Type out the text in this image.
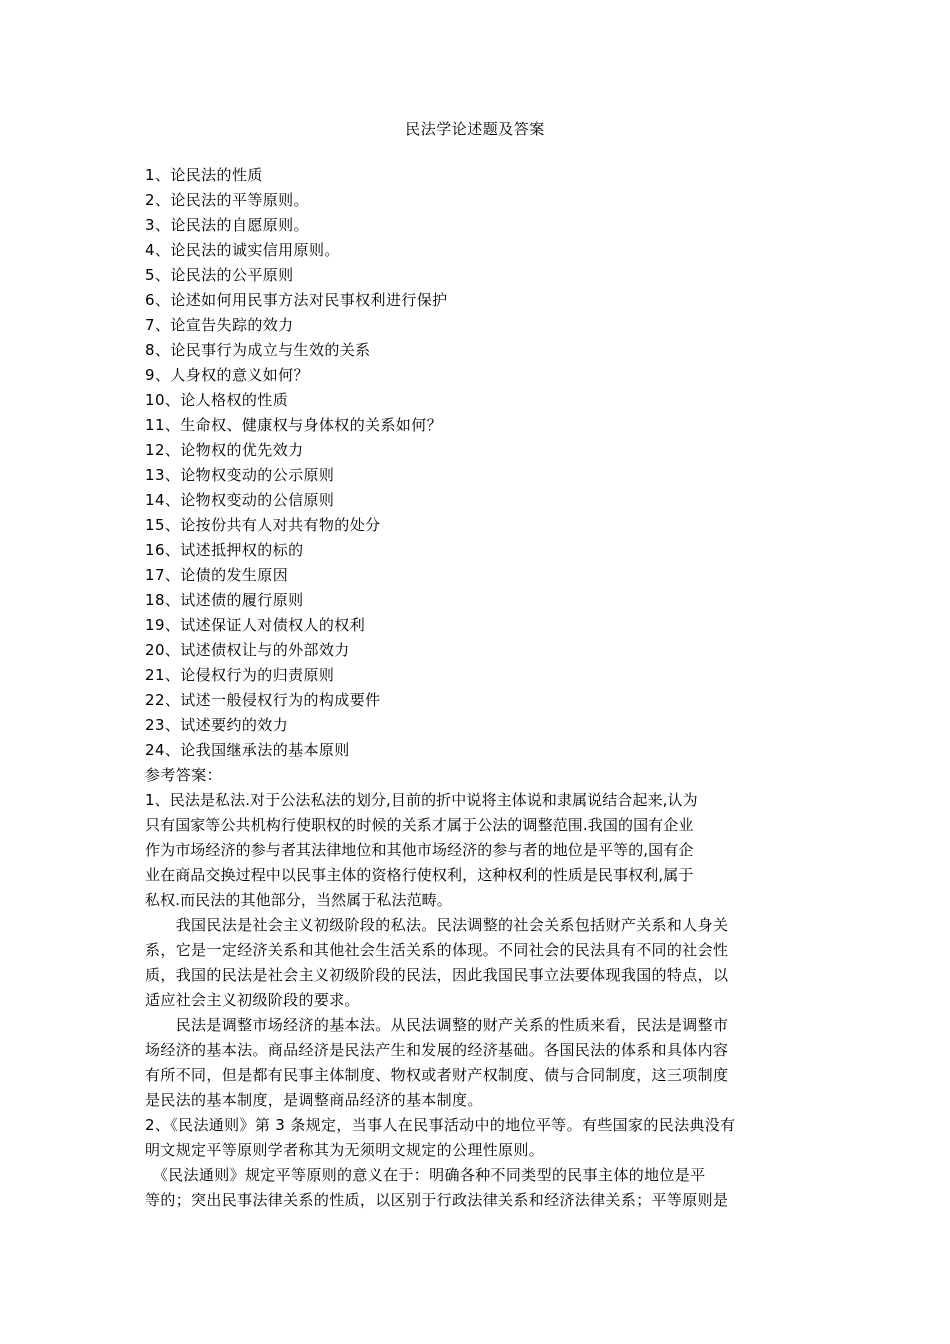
民法学论述题及答案
1、论民法的性质
2、论民法的平等原则。
3、论民法的自愿原则。
4、论民法的诚实信用原则。
5、论民法的公平原则
6、论述如何用民事方法对民事权利进行保护
7、论宣告失踪的效力
8、论民事行为成立与生效的关系
9、人身权的意义如何？
10、论人格权的性质
11、生命权、健康权与身体权的关系如何？
12、论物权的优先效力
13、论物权变动的公示原则
14、论物权变动的公信原则
15、论按份共有人对共有物的处分
16、试述抵押权的标的
17、论债的发生原因
18、试述债的履行原则
19、试述保证人对债权人的权利
20、试述债权让与的外部效力
21、论侵权行为的归责原则
22、试述一般侵权行为的构成要件
23、试述要约的效力
24、论我国继承法的基本原则
参考答案：

1、民法是私法.对于公法私法的划分,目前的折中说将主体说和隶属说结合起来,认为
只有国家等公共机构行使职权的时候的关系才属于公法的调整范围.我国的国有企业
作为市场经济的参与者其法律地位和其他市场经济的参与者的地位是平等的,国有企
业在商品交换过程中以民事主体的资格行使权利，这种权利的性质是民事权利,属于
私权.而民法的其他部分，当然属于私法范畴。

　　我国民法是社会主义初级阶段的私法。民法调整的社会关系包括财产关系和人身关
系，它是一定经济关系和其他社会生活关系的体现。不同社会的民法具有不同的社会性
质，我国的民法是社会主义初级阶段的民法，因此我国民事立法要体现我国的特点，以
适应社会主义初级阶段的要求。

　　民法是调整市场经济的基本法。从民法调整的财产关系的性质来看，民法是调整市
场经济的基本法。商品经济是民法产生和发展的经济基础。各国民法的体系和具体内容
有所不同，但是都有民事主体制度、物权或者财产权制度、债与合同制度，这三项制度
是民法的基本制度，是调整商品经济的基本制度。

2、《民法通则》第 3 条规定，当事人在民事活动中的地位平等。有些国家的民法典没有
明文规定平等原则学者称其为无须明文规定的公理性原则。

　《民法通则》规定平等原则的意义在于：明确各种不同类型的民事主体的地位是平
等的；突出民事法律关系的性质，以区别于行政法律关系和经济法律关系；平等原则是
